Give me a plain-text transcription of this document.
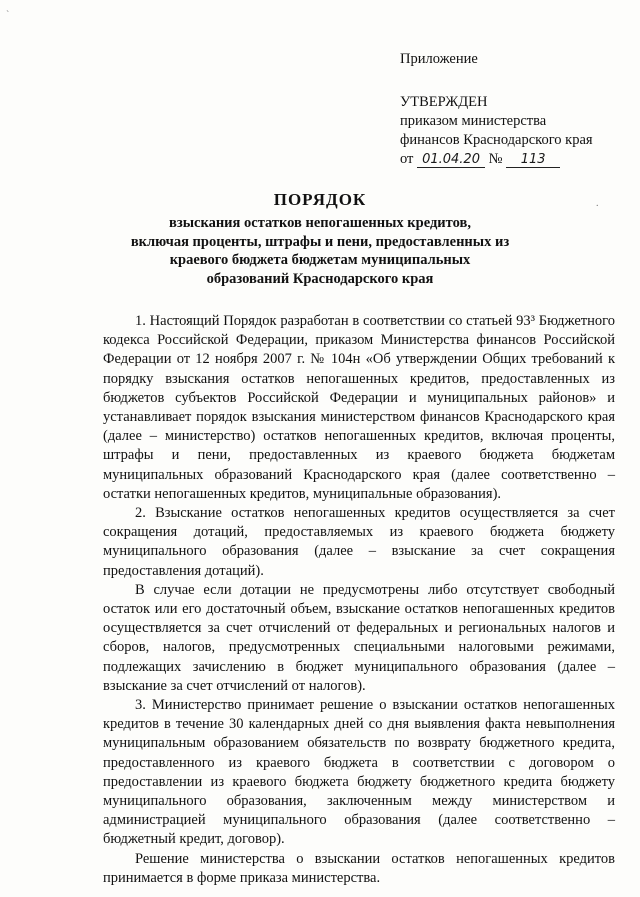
`
.
Приложение
УТВЕРЖДЕН
приказом министерства
финансов Краснодарского края
от 01.04.20 № 113
ПОРЯДОК
взыскания остатков непогашенных кредитов,
включая проценты, штрафы и пени, предоставленных из
краевого бюджета бюджетам муниципальных
образований Краснодарского края

1. Настоящий Порядок разработан в соответствии со статьей 93³ Бюджетного кодекса Российской Федерации, приказом Министерства финансов Российской Федерации от 12 ноября 2007 г. № 104н «Об утверждении Общих требований к порядку взыскания остатков непогашенных кредитов, предоставленных из бюджетов субъектов Российской Федерации и муниципальных районов» и устанавливает порядок взыскания министерством финансов Краснодарского края (далее – министерство) остатков непогашенных кредитов, включая проценты, штрафы и пени, предоставленных из краевого бюджета бюджетам муниципальных образований Краснодарского края (далее соответственно – остатки непогашенных кредитов, муниципальные образования).

2. Взыскание остатков непогашенных кредитов осуществляется за счет сокращения дотаций, предоставляемых из краевого бюджета бюджету муниципального образования (далее – взыскание за счет сокращения предоставления дотаций).

В случае если дотации не предусмотрены либо отсутствует свободный остаток или его достаточный объем, взыскание остатков непогашенных кредитов осуществляется за счет отчислений от федеральных и региональных налогов и сборов, налогов, предусмотренных специальными налоговыми режимами, подлежащих зачислению в бюджет муниципального образования (далее – взыскание за счет отчислений от налогов).

3. Министерство принимает решение о взыскании остатков непогашенных кредитов в течение 30 календарных дней со дня выявления факта невыполнения муниципальным образованием обязательств по возврату бюджетного кредита, предоставленного из краевого бюджета в соответствии с договором о предоставлении из краевого бюджета бюджету бюджетного кредита бюджету муниципального образования, заключенным между министерством и администрацией муниципального образования (далее соответственно – бюджетный кредит, договор).

Решение министерства о взыскании остатков непогашенных кредитов принимается в форме приказа министерства.
